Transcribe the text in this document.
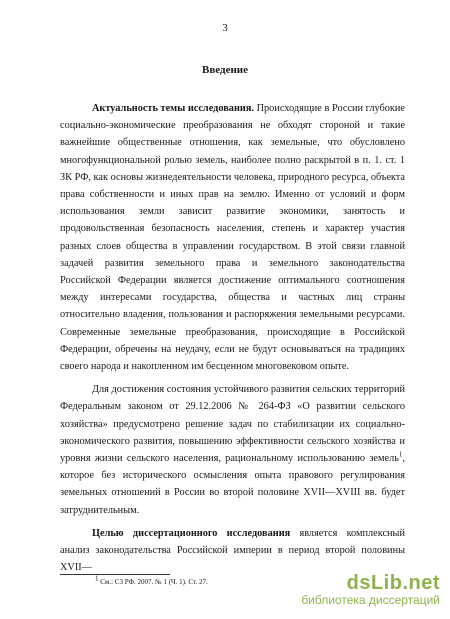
3
Введение

Актуальность темы исследования. Происходящие в России глубокие социально-экономические преобразования не обходят стороной и такие важнейшие общественные отношения, как земельные, что обусловлено многофункциональной ролью земель, наиболее полно раскрытой в п. 1. ст. 1 ЗК РФ, как основы жизнедеятельности человека, природного ресурса, объекта права собственности и иных прав на землю. Именно от условий и форм использования земли зависит развитие экономики, занятость и продовольственная безопасность населения, степень и характер участия разных слоев общества в управлении государством. В этой связи главной задачей развития земельного права и земельного законодательства Российской Федерации является достижение оптимального соотношения между интересами государства, общества и частных лиц страны относительно владения, пользования и распоряжения земельными ресурсами. Современные земельные преобразования, происходящие в Российской Федерации, обречены на неудачу, если не будут основываться на традициях своего народа и накопленном им бесценном многовековом опыте.

Для достижения состояния устойчивого развития сельских территорий Федеральным законом от 29.12.2006 № 264-ФЗ «О развитии сельского хозяйства» предусмотрено решение задач по стабилизации их социально-экономического развития, повышению эффективности сельского хозяйства и уровня жизни сельского населения, рациональному использованию земель$^1$, которое без исторического осмысления опыта правового регулирования земельных отношений в России во второй половине XVII—XVIII вв. будет затруднительным.

Целью диссертационного исследования является комплексный анализ законодательства Российской империи в период второй половины XVII—

$^1$ См.: СЗ РФ. 2007. № 1 (Ч. 1). Ст. 27.	dsLib.net
библиотека диссертаций
